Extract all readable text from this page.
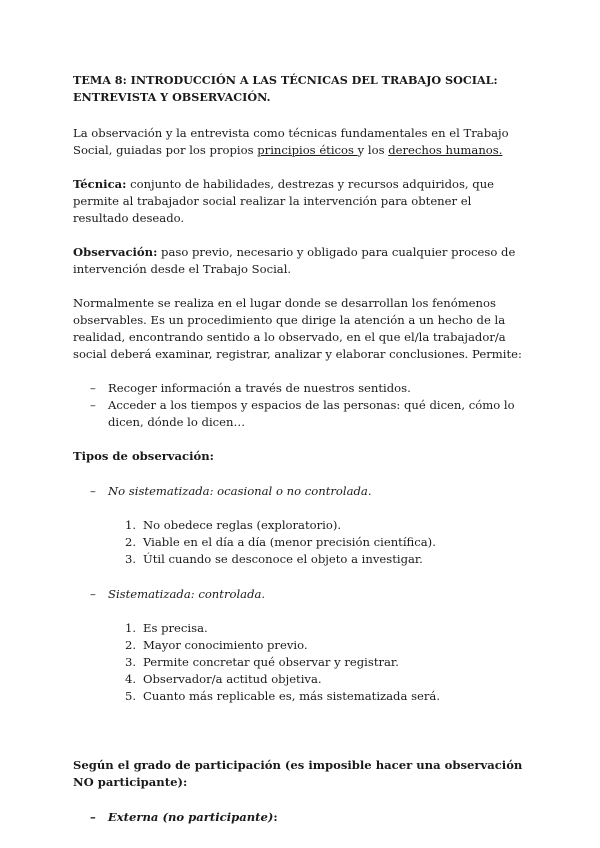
TEMA 8: INTRODUCCIÓN A LAS TÉCNICAS DEL TRABAJO SOCIAL: ENTREVISTA Y OBSERVACIÓN.

La observación y la entrevista como técnicas fundamentales en el Trabajo Social, guiadas por los propios principios éticos y los derechos humanos.

Técnica: conjunto de habilidades, destrezas y recursos adquiridos, que permite al trabajador social realizar la intervención para obtener el resultado deseado.

Observación: paso previo, necesario y obligado para cualquier proceso de intervención desde el Trabajo Social.

Normalmente se realiza en el lugar donde se desarrollan los fenómenos observables. Es un procedimiento que dirige la atención a un hecho de la realidad, encontrando sentido a lo observado, en el que el/la trabajador/a social deberá examinar, registrar, analizar y elaborar conclusiones. Permite:

– Recoger información a través de nuestros sentidos.
– Acceder a los tiempos y espacios de las personas: qué dicen, cómo lo dicen, dónde lo dicen…
Tipos de observación:
– No sistematizada: ocasional o no controlada.
1. No obedece reglas (exploratorio).
2. Viable en el día a día (menor precisión científica).
3. Útil cuando se desconoce el objeto a investigar.
– Sistematizada: controlada.
1. Es precisa.
2. Mayor conocimiento previo.
3. Permite concretar qué observar y registrar.
4. Observador/a actitud objetiva.
5. Cuanto más replicable es, más sistematizada será.
Según el grado de participación (es imposible hacer una observación NO participante):
– Externa (no participante):
